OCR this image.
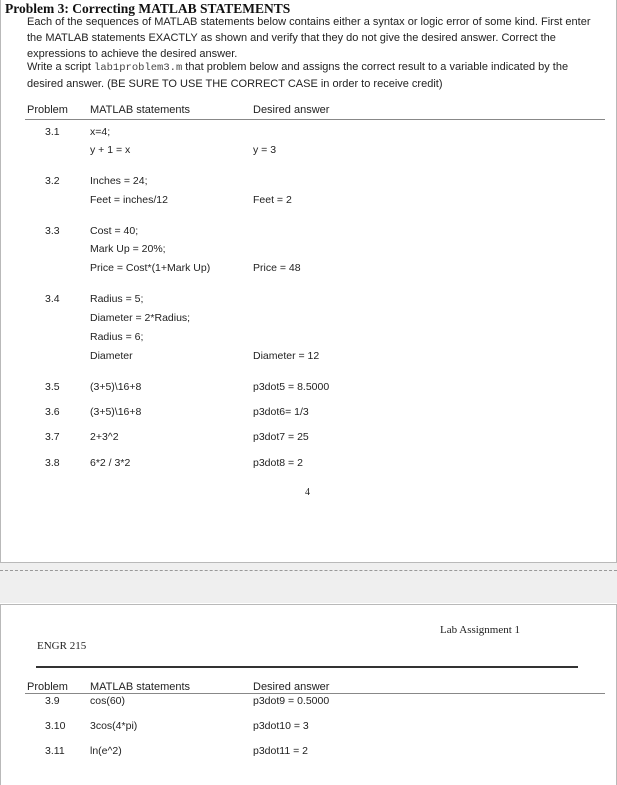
Problem 3: Correcting MATLAB STATEMENTS
Each of the sequences of MATLAB statements below contains either a syntax or logic error of some kind. First enter the MATLAB statements EXACTLY as shown and verify that they do not give the desired answer. Correct the expressions to achieve the desired answer.
Write a script lab1problem3.m that problem below and assigns the correct result to a variable indicated by the desired answer. (BE SURE TO USE THE CORRECT CASE in order to receive credit)
Problem MATLAB statements	Desired answer
3.1	x=4;
y + 1 = x	y = 3
3.2	Inches = 24;
Feet = inches/12	Feet = 2
3.3	Cost = 40;
Mark Up = 20%;
Price = Cost*(1+Mark Up)	Price = 48
3.4	Radius = 5;
Diameter = 2*Radius;
Radius = 6;
Diameter	Diameter = 12
3.5	(3+5)\16+8	p3dot5 = 8.5000
3.6	(3+5)\16+8	p3dot6= 1/3
3.7	2+3^2	p3dot7 = 25
3.8	6*2 / 3*2	p3dot8 = 2
4
Lab Assignment 1
ENGR 215
Problem MATLAB statements	Desired answer
3.9	cos(60)	p3dot9 = 0.5000
3.10 3cos(4*pi)	p3dot10 = 3
3.11 ln(e^2)	p3dot11 = 2
